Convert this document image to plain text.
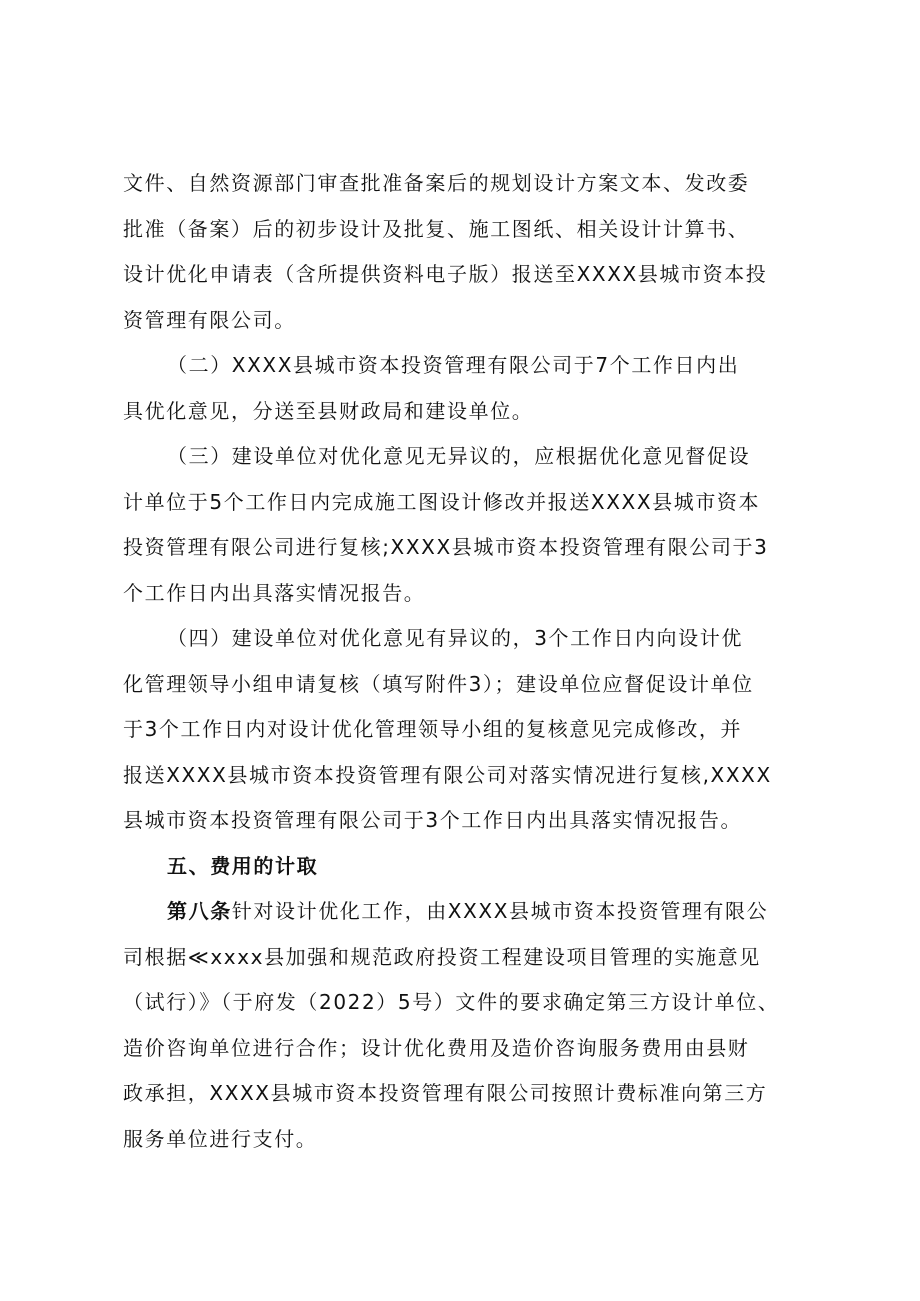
文件、自然资源部门审查批准备案后的规划设计方案文本、发改委
批准（备案）后的初步设计及批复、施工图纸、相关设计计算书、
设计优化申请表（含所提供资料电子版）报送至XXXX县城市资本投
资管理有限公司。

（二）XXXX县城市资本投资管理有限公司于7个工作日内出
具优化意见，分送至县财政局和建设单位。

（三）建设单位对优化意见无异议的，应根据优化意见督促设
计单位于5个工作日内完成施工图设计修改并报送XXXX县城市资本
投资管理有限公司进行复核;XXXX县城市资本投资管理有限公司于3
个工作日内出具落实情况报告。

（四）建设单位对优化意见有异议的，3个工作日内向设计优
化管理领导小组申请复核（填写附件3）；建设单位应督促设计单位
于3个工作日内对设计优化管理领导小组的复核意见完成修改，并
报送XXXX县城市资本投资管理有限公司对落实情况进行复核,XXXX
县城市资本投资管理有限公司于3个工作日内出具落实情况报告。

五、费用的计取

第八条针对设计优化工作，由XXXX县城市资本投资管理有限公
司根据≪xxxx县加强和规范政府投资工程建设项目管理的实施意见
（试行）》（于府发（2022）5号）文件的要求确定第三方设计单位、
造价咨询单位进行合作；设计优化费用及造价咨询服务费用由县财
政承担，XXXX县城市资本投资管理有限公司按照计费标准向第三方
服务单位进行支付。
